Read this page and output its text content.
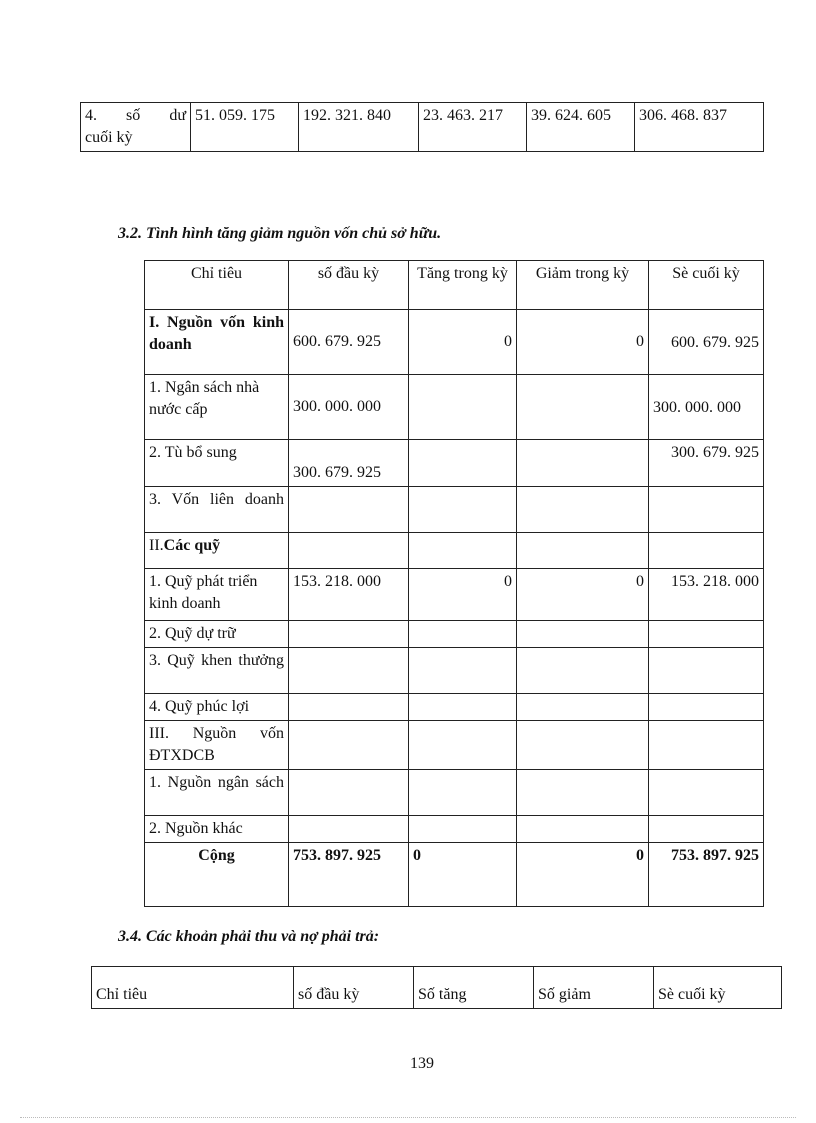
4. số dư
cuối kỳ
	51. 059. 175	192. 321. 840	23. 463. 217	39. 624. 605	306. 468. 837
3.2. Tình hình tăng giảm nguồn vốn chủ sở hữu.
Chỉ tiêu	số đầu kỳ	Tăng trong kỳ	Giảm trong kỳ	Sè cuối kỳ
I. Nguồn vốn kinh doanh	600. 679. 925	0	0	600. 679. 925
1. Ngân sách nhà nước cấp	300. 000. 000			300. 000. 000
2. Tù bổ sung	300. 679. 925			300. 679. 925
3. Vốn liên doanh				
II.Các quỹ				
1. Quỹ phát triển kinh doanh	153. 218. 000	0	0	153. 218. 000
2. Quỹ dự trữ				
3. Quỹ khen thưởng				
4. Quỹ phúc lợi				
III. Nguồn vốn ĐTXDCB				
1. Nguồn ngân sách				
2. Nguồn khác				
Cộng	753. 897. 925	0	0	753. 897. 925
3.4. Các khoản phải thu và nợ phải trả:
Chỉ tiêu	số đầu kỳ	Số tăng	Số giảm	Sè cuối kỳ
139
